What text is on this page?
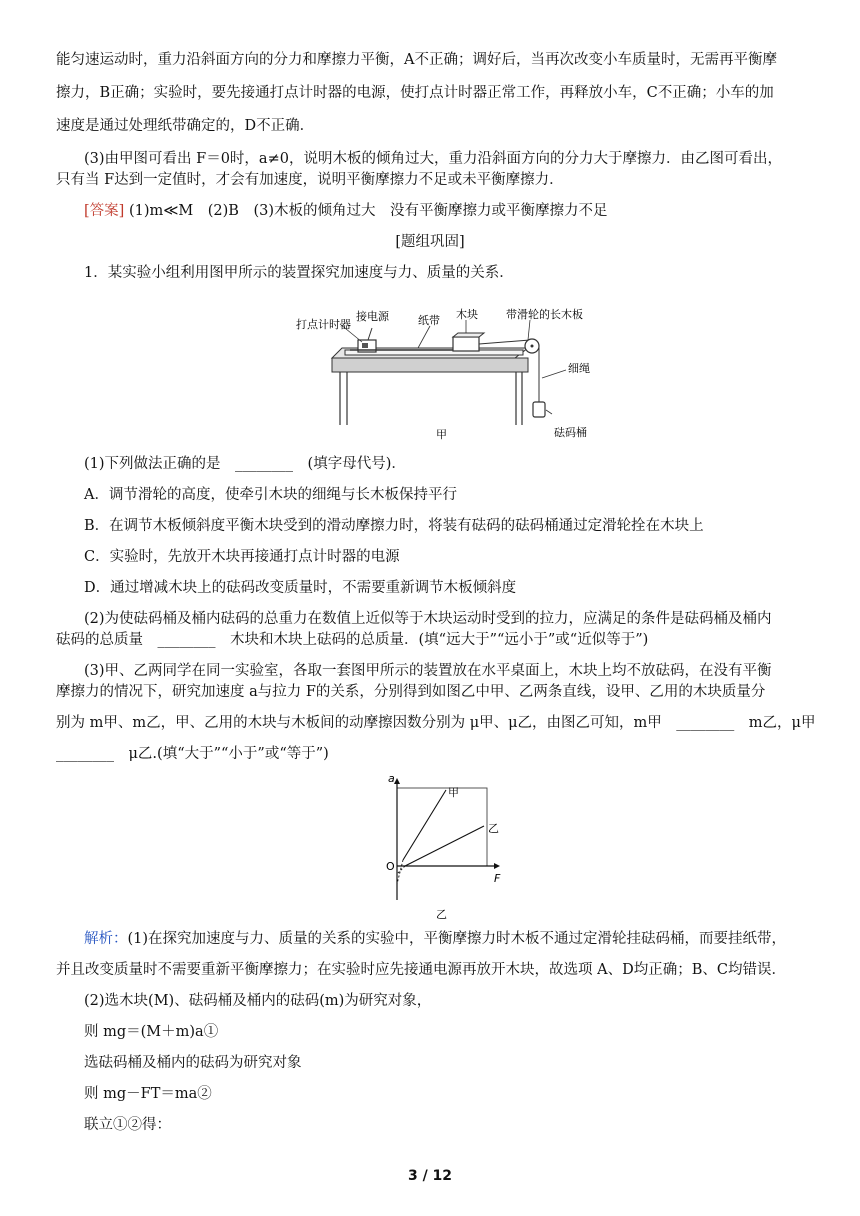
能匀速运动时，重力沿斜面方向的分力和摩擦力平衡，A不正确；调好后，当再次改变小车质量时，无需再平衡摩
擦力，B正确；实验时，要先接通打点计时器的电源，使打点计时器正常工作，再释放小车，C不正确；小车的加
速度是通过处理纸带确定的，D不正确．
(3)由甲图可看出 F＝0时，a≠0，说明木板的倾角过大，重力沿斜面方向的分力大于摩擦力．由乙图可看出，
只有当 F达到一定值时，才会有加速度，说明平衡摩擦力不足或未平衡摩擦力．
[答案] (1)m≪M　(2)B　(3)木板的倾角过大　没有平衡摩擦力或平衡摩擦力不足
[题组巩固]
1．某实验小组利用图甲所示的装置探究加速度与力、质量的关系．
接电源
打点计时器	纸带 木块	带滑轮的长木板
细绳
砝码桶
甲
(1)下列做法正确的是　________　(填字母代号)．
A．调节滑轮的高度，使牵引木块的细绳与长木板保持平行
B．在调节木板倾斜度平衡木块受到的滑动摩擦力时，将装有砝码的砝码桶通过定滑轮拴在木块上
C．实验时，先放开木块再接通打点计时器的电源
D．通过增减木块上的砝码改变质量时，不需要重新调节木板倾斜度
(2)为使砝码桶及桶内砝码的总重力在数值上近似等于木块运动时受到的拉力，应满足的条件是砝码桶及桶内
砝码的总质量　________　木块和木块上砝码的总质量．(填“远大于”“远小于”或“近似等于”)
(3)甲、乙两同学在同一实验室，各取一套图甲所示的装置放在水平桌面上，木块上均不放砝码，在没有平衡
摩擦力的情况下，研究加速度 a与拉力 F的关系，分别得到如图乙中甲、乙两条直线，设甲、乙用的木块质量分
别为 m甲、m乙，甲、乙用的木块与木板间的动摩擦因数分别为 μ甲、μ乙，由图乙可知，m甲　________　m乙，μ甲
________　μ乙.(填“大于”“小于”或“等于”)
a
F
O
甲
乙
乙
解析：(1)在探究加速度与力、质量的关系的实验中，平衡摩擦力时木板不通过定滑轮挂砝码桶，而要挂纸带，
并且改变质量时不需要重新平衡摩擦力；在实验时应先接通电源再放开木块，故选项 A、D均正确；B、C均错误．
(2)选木块(M)、砝码桶及桶内的砝码(m)为研究对象，
则 mg＝(M＋m)a①
选砝码桶及桶内的砝码为研究对象
则 mg－FT＝ma②
联立①②得：
3 / 12
